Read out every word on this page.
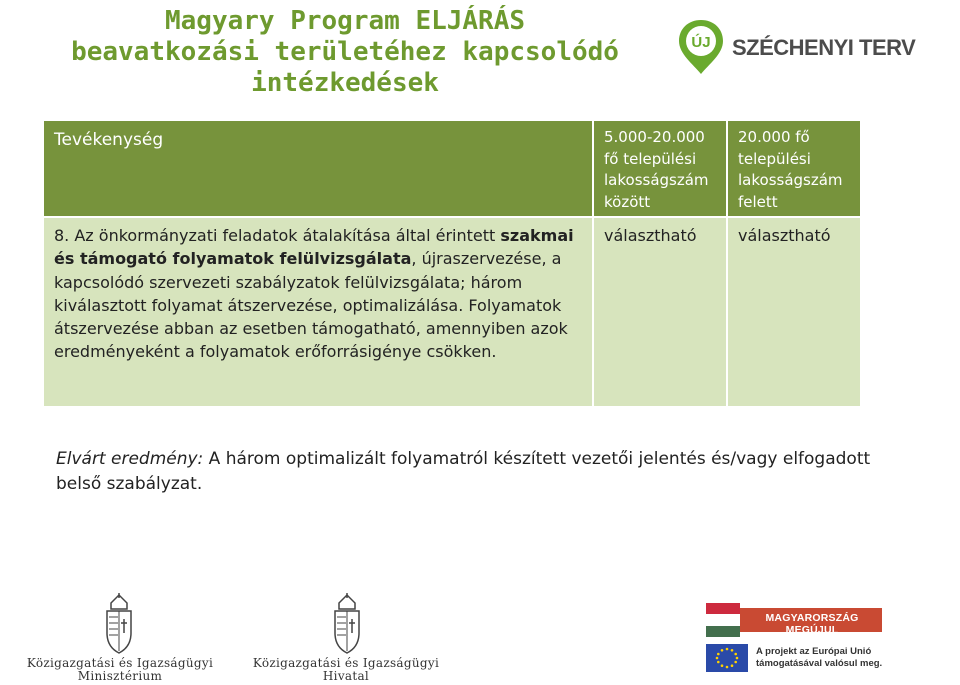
Magyary Program ELJÁRÁS
beavatkozási területéhez kapcsolódó
intézkedések
ÚJ SZÉCHENYI TERV
Tevékenység	5.000-20.000
fő települési
lakosságszám
között
20.000 fő
települési
lakosságszám
felett
8. Az önkormányzati feladatok átalakítása által érintett szakmai és támogató folyamatok felülvizsgálata, újraszervezése, a kapcsolódó szervezeti szabályzatok felülvizsgálata; három kiválasztott folyamat átszervezése, optimalizálása. Folyamatok átszervezése abban az esetben támogatható, amennyiben azok eredményeként a folyamatok erőforrásigénye csökken.
választható	választható
Elvárt eredmény: A három optimalizált folyamatról készített vezetői jelentés és/vagy elfogadott belső szabályzat.
Közigazgatási és Igazságügyi
Minisztérium
Közigazgatási és Igazságügyi
Hivatal
MAGYARORSZÁG MEGÚJUL
A projekt az Európai Unió
támogatásával valósul meg.
